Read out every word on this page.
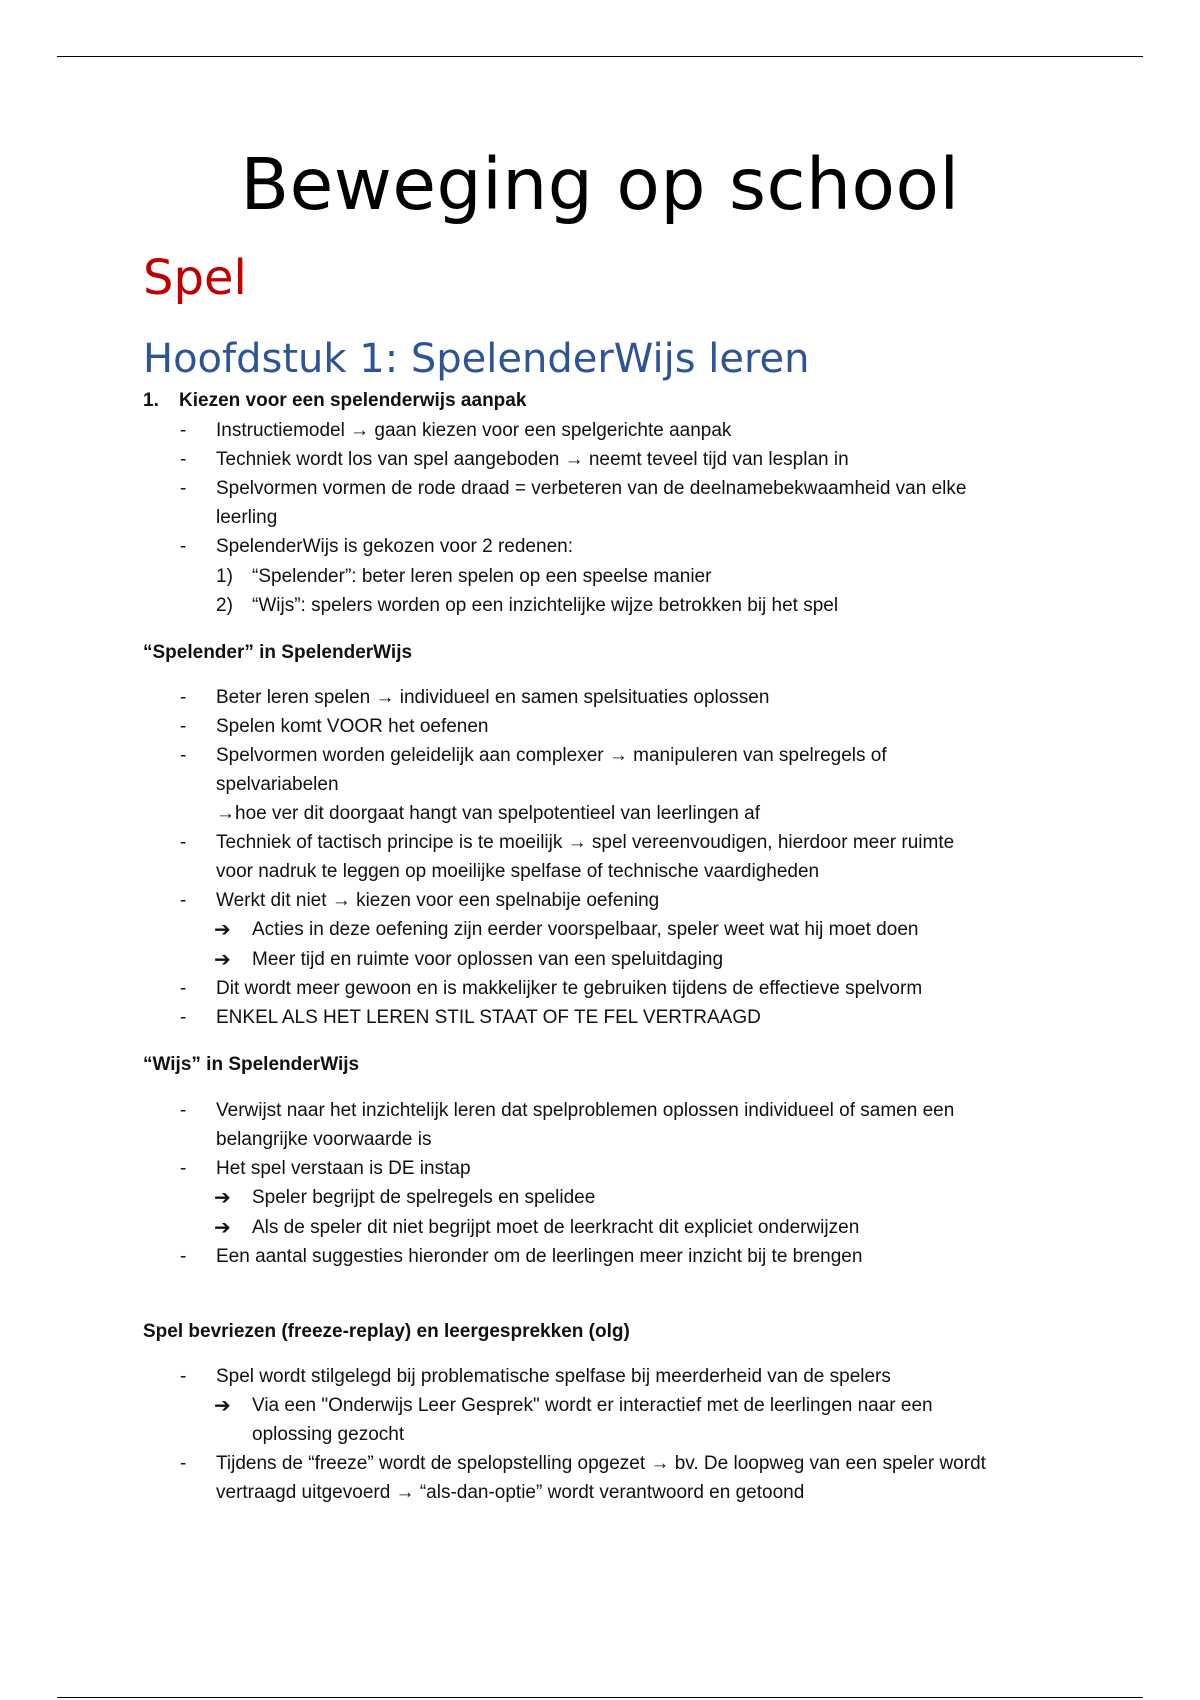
Beweging op school
Spel
Hoofdstuk 1: SpelenderWijs leren
1. Kiezen voor een spelenderwijs aanpak
- Instructiemodel → gaan kiezen voor een spelgerichte aanpak
- Techniek wordt los van spel aangeboden → neemt teveel tijd van lesplan in
- Spelvormen vormen de rode draad = verbeteren van de deelnamebekwaamheid van elke
leerling
- SpelenderWijs is gekozen voor 2 redenen:
1) “Spelender”: beter leren spelen op een speelse manier
2) “Wijs”: spelers worden op een inzichtelijke wijze betrokken bij het spel
“Spelender” in SpelenderWijs
- Beter leren spelen → individueel en samen spelsituaties oplossen
- Spelen komt VOOR het oefenen
- Spelvormen worden geleidelijk aan complexer → manipuleren van spelregels of
spelvariabelen
→hoe ver dit doorgaat hangt van spelpotentieel van leerlingen af
- Techniek of tactisch principe is te moeilijk → spel vereenvoudigen, hierdoor meer ruimte
voor nadruk te leggen op moeilijke spelfase of technische vaardigheden
- Werkt dit niet → kiezen voor een spelnabije oefening
➔ Acties in deze oefening zijn eerder voorspelbaar, speler weet wat hij moet doen
➔ Meer tijd en ruimte voor oplossen van een speluitdaging
- Dit wordt meer gewoon en is makkelijker te gebruiken tijdens de effectieve spelvorm
- ENKEL ALS HET LEREN STIL STAAT OF TE FEL VERTRAAGD
“Wijs” in SpelenderWijs
- Verwijst naar het inzichtelijk leren dat spelproblemen oplossen individueel of samen een
belangrijke voorwaarde is
- Het spel verstaan is DE instap
➔ Speler begrijpt de spelregels en spelidee
➔ Als de speler dit niet begrijpt moet de leerkracht dit expliciet onderwijzen
- Een aantal suggesties hieronder om de leerlingen meer inzicht bij te brengen
Spel bevriezen (freeze-replay) en leergesprekken (olg)
- Spel wordt stilgelegd bij problematische spelfase bij meerderheid van de spelers
➔ Via een "Onderwijs Leer Gesprek" wordt er interactief met de leerlingen naar een
oplossing gezocht
- Tijdens de “freeze” wordt de spelopstelling opgezet → bv. De loopweg van een speler wordt
vertraagd uitgevoerd → “als-dan-optie” wordt verantwoord en getoond
